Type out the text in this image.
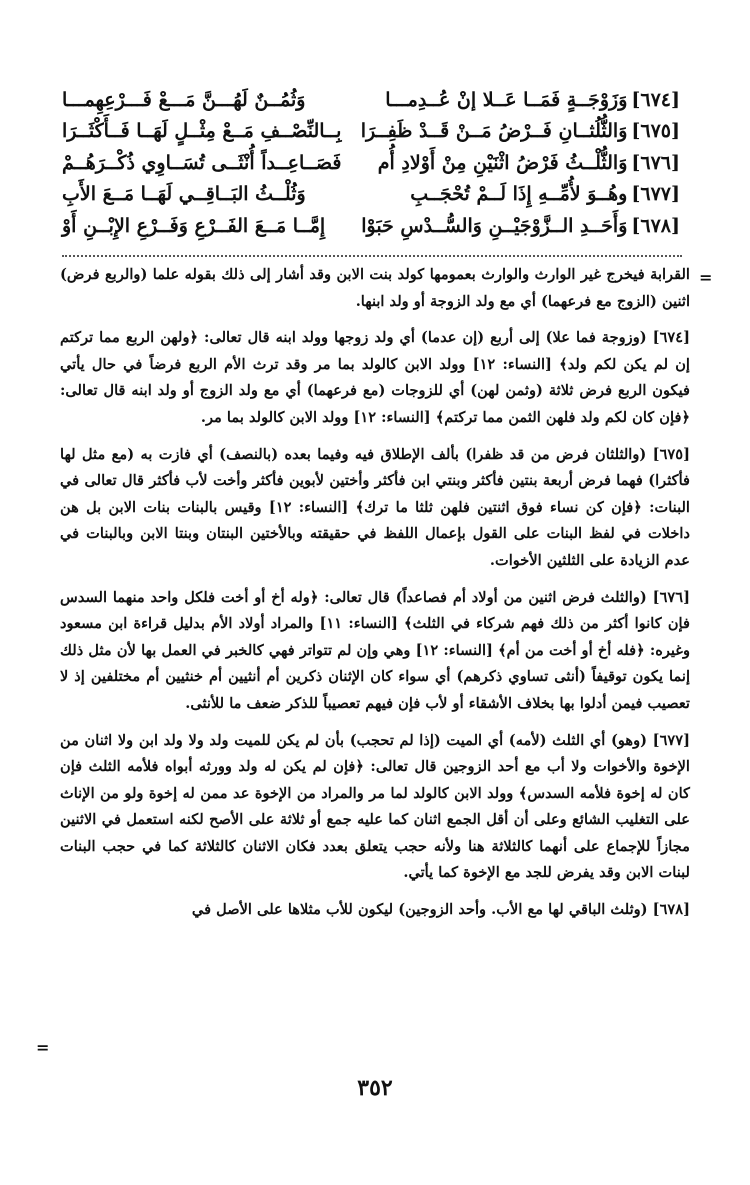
[٦٧٤]وَزَوْجَــةٍ فَمَــا عَــلا إنْ عُــدِمـــا
وَثُمُــنٌ لَهُـــنَّ مَـــعْ فَـــرْعِهِمـــا
[٦٧٥]وَالثُّلُثــانِ فَــرْضُ مَــنْ قَــدْ ظَفِــرَا
بِــالنِّصْــفِ مَــعْ مِثْــلٍ لَهَــا فَــأَكْثَــرَا
[٦٧٦]وَالثُّلْــثُ فَرْضُ اثْنَيْنِ مِنْ أَوْلادِ أُم
فَصَــاعِــداً أُنْثَــى تُسَــاوِي ذُكْــرَهُــمْ
[٦٧٧]وهُــوَ لأُمِّــهِ إِذَا لَــمْ تُحْجَــبِ
وَثُلْــثُ البَــاقِــي لَهَــا مَــعَ الأَبِ
[٦٧٨]وَأَحَــدِ الــزَّوْجَيْــنِ وَالسُّــدْسِ حَبَوْا
إِمَّــا مَــعَ الفَــرْعِ وَفَــرْعِ الإِبْــنِ أَوْ
=

القرابة فيخرج غير الوارث والوارث بعمومها كولد بنت الابن وقد أشار إلى ذلك بقوله علما (والربع فرض) اثنين (الزوج مع فرعهما) أي مع ولد الزوجة أو ولد ابنها.

[٦٧٤] (وزوجة فما علا) إلى أربع (إن عدما) أي ولد زوجها وولد ابنه قال تعالى: ﴿ولهن الربع مما تركتم إن لم يكن لكم ولد﴾ [النساء: ١٢] وولد الابن كالولد بما مر وقد ترث الأم الربع فرضاً في حال يأتي فيكون الربع فرض ثلاثة (وثمن لهن) أي للزوجات (مع فرعهما) أي مع ولد الزوج أو ولد ابنه قال تعالى: ﴿فإن كان لكم ولد فلهن الثمن مما تركتم﴾ [النساء: ١٢] وولد الابن كالولد بما مر.

[٦٧٥] (والثلثان فرض من قد ظفرا) بألف الإطلاق فيه وفيما بعده (بالنصف) أي فازت به (مع مثل لها فأكثرا) فهما فرض أربعة بنتين فأكثر وبنتي ابن فأكثر وأختين لأبوين فأكثر وأخت لأب فأكثر قال تعالى في البنات: ﴿فإن كن نساء فوق اثنتين فلهن ثلثا ما ترك﴾ [النساء: ١٢] وقيس بالبنات بنات الابن بل هن داخلات في لفظ البنات على القول بإعمال اللفظ في حقيقته وبالأختين البنتان وبنتا الابن وبالبنات في عدم الزيادة على الثلثين الأخوات.

[٦٧٦] (والثلث فرض اثنين من أولاد أم فصاعداً) قال تعالى: ﴿وله أخ أو أخت فلكل واحد منهما السدس فإن كانوا أكثر من ذلك فهم شركاء في الثلث﴾ [النساء: ١١] والمراد أولاد الأم بدليل قراءة ابن مسعود وغيره: ﴿فله أخ أو أخت من أم﴾ [النساء: ١٢] وهي وإن لم تتواتر فهي كالخبر في العمل بها لأن مثل ذلك إنما يكون توقيفاً (أنثى تساوي ذكرهم) أي سواء كان الإثنان ذكرين أم أنثيين أم خنثيين أم مختلفين إذ لا تعصيب فيمن أدلوا بها بخلاف الأشقاء أو لأب فإن فيهم تعصيباً للذكر ضعف ما للأنثى.

[٦٧٧] (وهو) أي الثلث (لأمه) أي الميت (إذا لم تحجب) بأن لم يكن للميت ولد ولا ولد ابن ولا اثنان من الإخوة والأخوات ولا أب مع أحد الزوجين قال تعالى: ﴿فإن لم يكن له ولد وورثه أبواه فلأمه الثلث فإن كان له إخوة فلأمه السدس﴾ وولد الابن كالولد لما مر والمراد من الإخوة عد ممن له إخوة ولو من الإناث على التغليب الشائع وعلى أن أقل الجمع اثنان كما عليه جمع أو ثلاثة على الأصح لكنه استعمل في الاثنين مجازاً للإجماع على أنهما كالثلاثة هنا ولأنه حجب يتعلق بعدد فكان الاثنان كالثلاثة كما في حجب البنات لبنات الابن وقد يفرض للجد مع الإخوة كما يأتي.

[٦٧٨] (وثلث الباقي لها مع الأب. وأحد الزوجين) ليكون للأب مثلاها على الأصل في

=
٣٥٢
